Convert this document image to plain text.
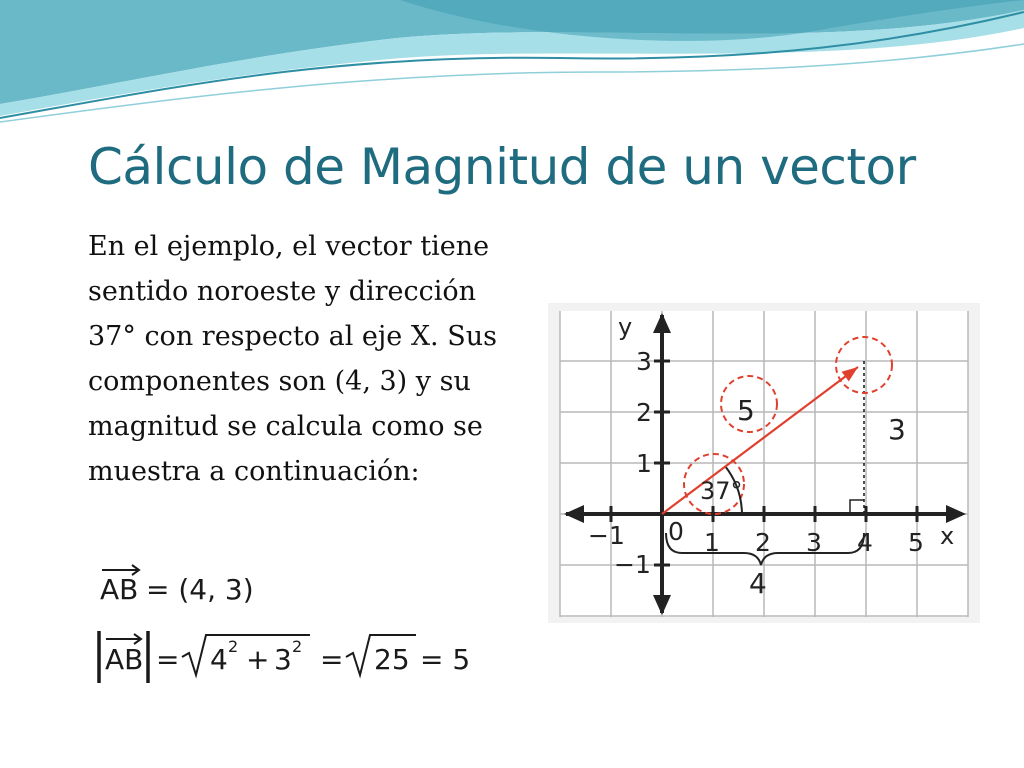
Cálculo de Magnitud de un vector

En el ejemplo, el vector tiene sentido noroeste y dirección 37° con respecto al eje X. Sus componentes son (4, 3) y su magnitud se calcula como se muestra a continuación:

AB = (4, 3)
AB = 4 2 + 3 2 = 25 = 5
y
x
−1 0 1 2 3 4 5
3
2
1
−1
5
37°
3
4
